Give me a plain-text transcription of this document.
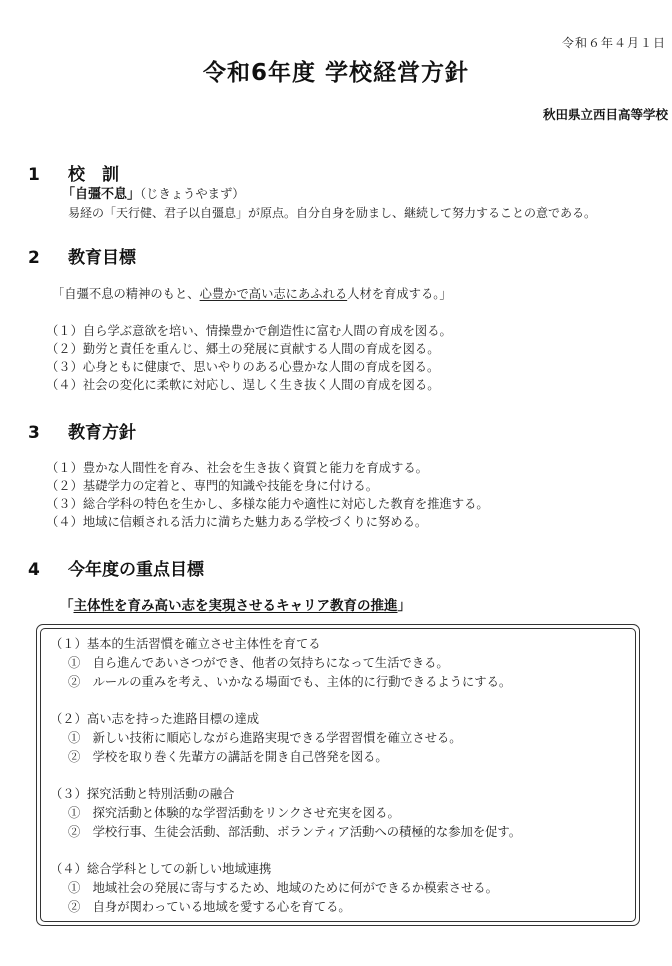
令和６年４月１日
令和6年度 学校経営方針
秋田県立西目高等学校
1 校　訓
「自彊不息」（じきょうやまず）
易経の「天行健、君子以自彊息」が原点。自分自身を励まし、継続して努力することの意である。
2 教育目標
「自彊不息の精神のもと、心豊かで高い志にあふれる人材を育成する。」
（１）自ら学ぶ意欲を培い、情操豊かで創造性に富む人間の育成を図る。
（２）勤労と責任を重んじ、郷土の発展に貢献する人間の育成を図る。
（３）心身ともに健康で、思いやりのある心豊かな人間の育成を図る。
（４）社会の変化に柔軟に対応し、逞しく生き抜く人間の育成を図る。
3 教育方針
（１）豊かな人間性を育み、社会を生き抜く資質と能力を育成する。
（２）基礎学力の定着と、専門的知識や技能を身に付ける。
（３）総合学科の特色を生かし、多様な能力や適性に対応した教育を推進する。
（４）地域に信頼される活力に満ちた魅力ある学校づくりに努める。
4 今年度の重点目標
「主体性を育み高い志を実現させるキャリア教育の推進」
（１）基本的生活習慣を確立させ主体性を育てる
①　自ら進んであいさつができ、他者の気持ちになって生活できる。
②　ルールの重みを考え、いかなる場面でも、主体的に行動できるようにする。
（２）高い志を持った進路目標の達成
①　新しい技術に順応しながら進路実現できる学習習慣を確立させる。
②　学校を取り巻く先輩方の講話を開き自己啓発を図る。
（３）探究活動と特別活動の融合
①　探究活動と体験的な学習活動をリンクさせ充実を図る。
②　学校行事、生徒会活動、部活動、ボランティア活動への積極的な参加を促す。
（４）総合学科としての新しい地域連携
①　地域社会の発展に寄与するため、地域のために何ができるか模索させる。
②　自身が関わっている地域を愛する心を育てる。
